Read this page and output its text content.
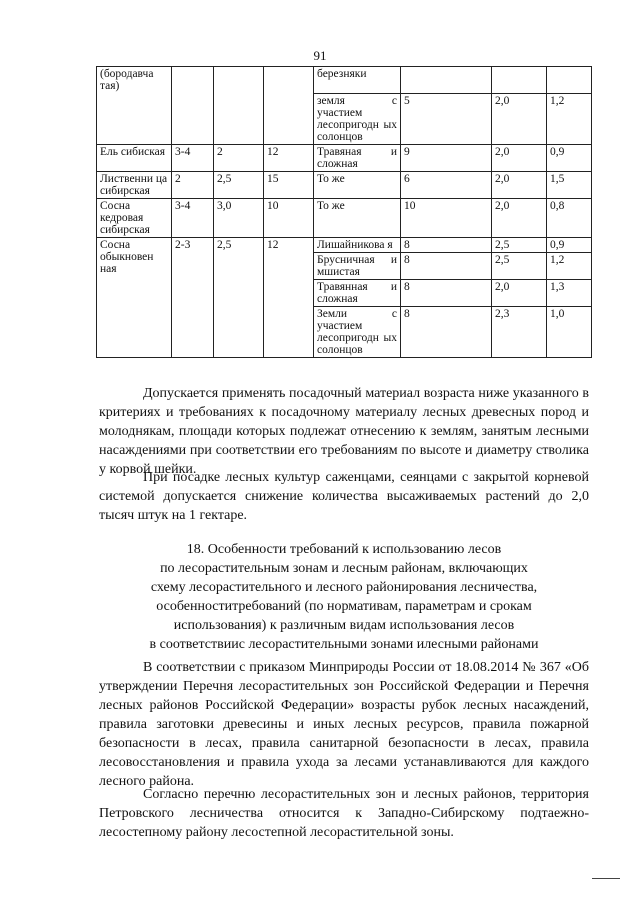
91
(бородавча тая)				березняки			
				земля с участием лесопригодн ых солонцов	5	2,0	1,2
Ель сибиская	3-4	2	12	Травяная и сложная	9	2,0	0,9
Лиственни ца сибирская	2	2,5	15	То же	6	2,0	1,5
Сосна кедровая сибирская	3-4	3,0	10	То же	10	2,0	0,8
Сосна обыкновен ная	2-3	2,5	12	Лишайникова я	8	2,5	0,9
				Брусничная и мшистая	8	2,5	1,2
				Травянная и сложная	8	2,0	1,3
				Земли с участием лесопригодн ых солонцов	8	2,3	1,0
Допускается применять посадочный материал возраста ниже указанного в критериях и требованиях к посадочному материалу лесных древесных пород и молоднякам, площади которых подлежат отнесению к землям, занятым лесными насаждениями при соответствии его требованиям по высоте и диаметру стволика у корвой шейки.
При посадке лесных культур саженцами, сеянцами с закрытой корневой системой допускается снижение количества высаживаемых растений до 2,0 тысяч штук на 1 гектаре.
18. Особенности требований к использованию лесов
по лесорастительным зонам и лесным районам, включающих
схему лесорастительного и лесного районирования лесничества,
особенноститребований (по нормативам, параметрам и срокам
использования) к различным видам использования лесов
в соответствиис лесорастительными зонами илесными районами
В соответствии с приказом Минприроды России от 18.08.2014 № 367 «Об утверждении Перечня лесорастительных зон Российской Федерации и Перечня лесных районов Российской Федерации» возрасты рубок лесных насаждений, правила заготовки древесины и иных лесных ресурсов, правила пожарной безопасности в лесах, правила санитарной безопасности в лесах, правила лесовосстановления и правила ухода за лесами устанавливаются для каждого лесного района.
Согласно перечню лесорастительных зон и лесных районов, территория Петровского лесничества относится к Западно-Сибирскому подтаежно-лесостепному району лесостепной лесорастительной зоны.
